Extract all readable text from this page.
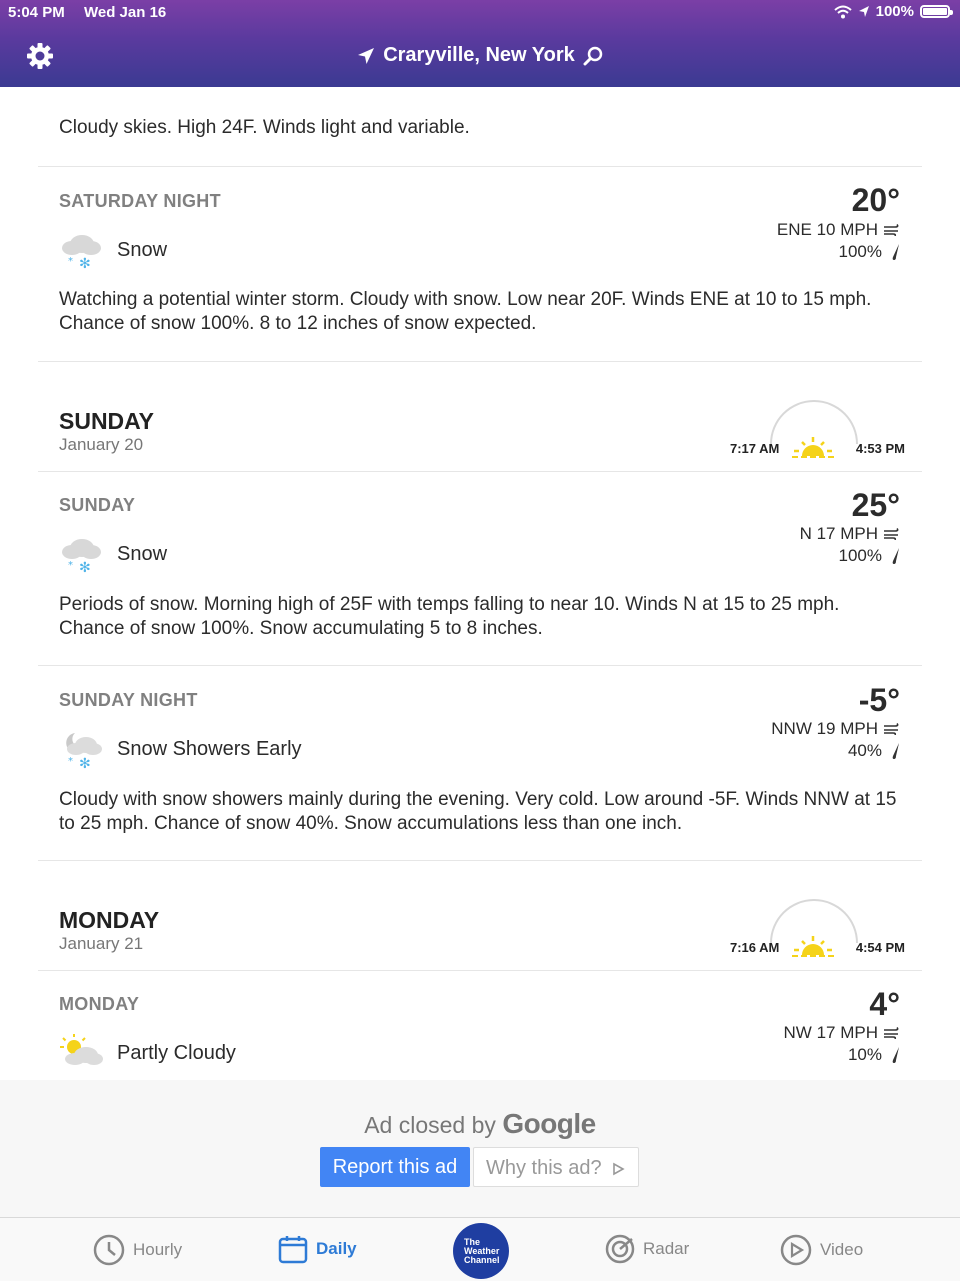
5:04 PM Wed Jan 16	100%
Craryville, New York
Cloudy skies. High 24F. Winds light and variable.
SATURDAY NIGHT
* ✻
Snow
20°
ENE 10 MPH
100%
Watching a potential winter storm. Cloudy with snow. Low near 20F. Winds ENE at 10 to 15 mph. Chance of snow 100%. 8 to 12 inches of snow expected.
SUNDAY
January 20	7:17 AM	4:53 PM
SUNDAY
* ✻
Snow
25°
N 17 MPH
100%
Periods of snow. Morning high of 25F with temps falling to near 10. Winds N at 15 to 25 mph. Chance of snow 100%. Snow accumulating 5 to 8 inches.
SUNDAY NIGHT
* ✻
Snow Showers Early
-5°
NNW 19 MPH
40%
Cloudy with snow showers mainly during the evening. Very cold. Low around -5F. Winds NNW at 15 to 25 mph. Chance of snow 40%. Snow accumulations less than one inch.
MONDAY
January 21	7:16 AM	4:54 PM
MONDAY
Partly Cloudy
4°
NW 17 MPH
10%
Ad closed by Google
Report this ad	Why this ad?
Hourly	Daily	The
Weather
Channel
Radar	Video
